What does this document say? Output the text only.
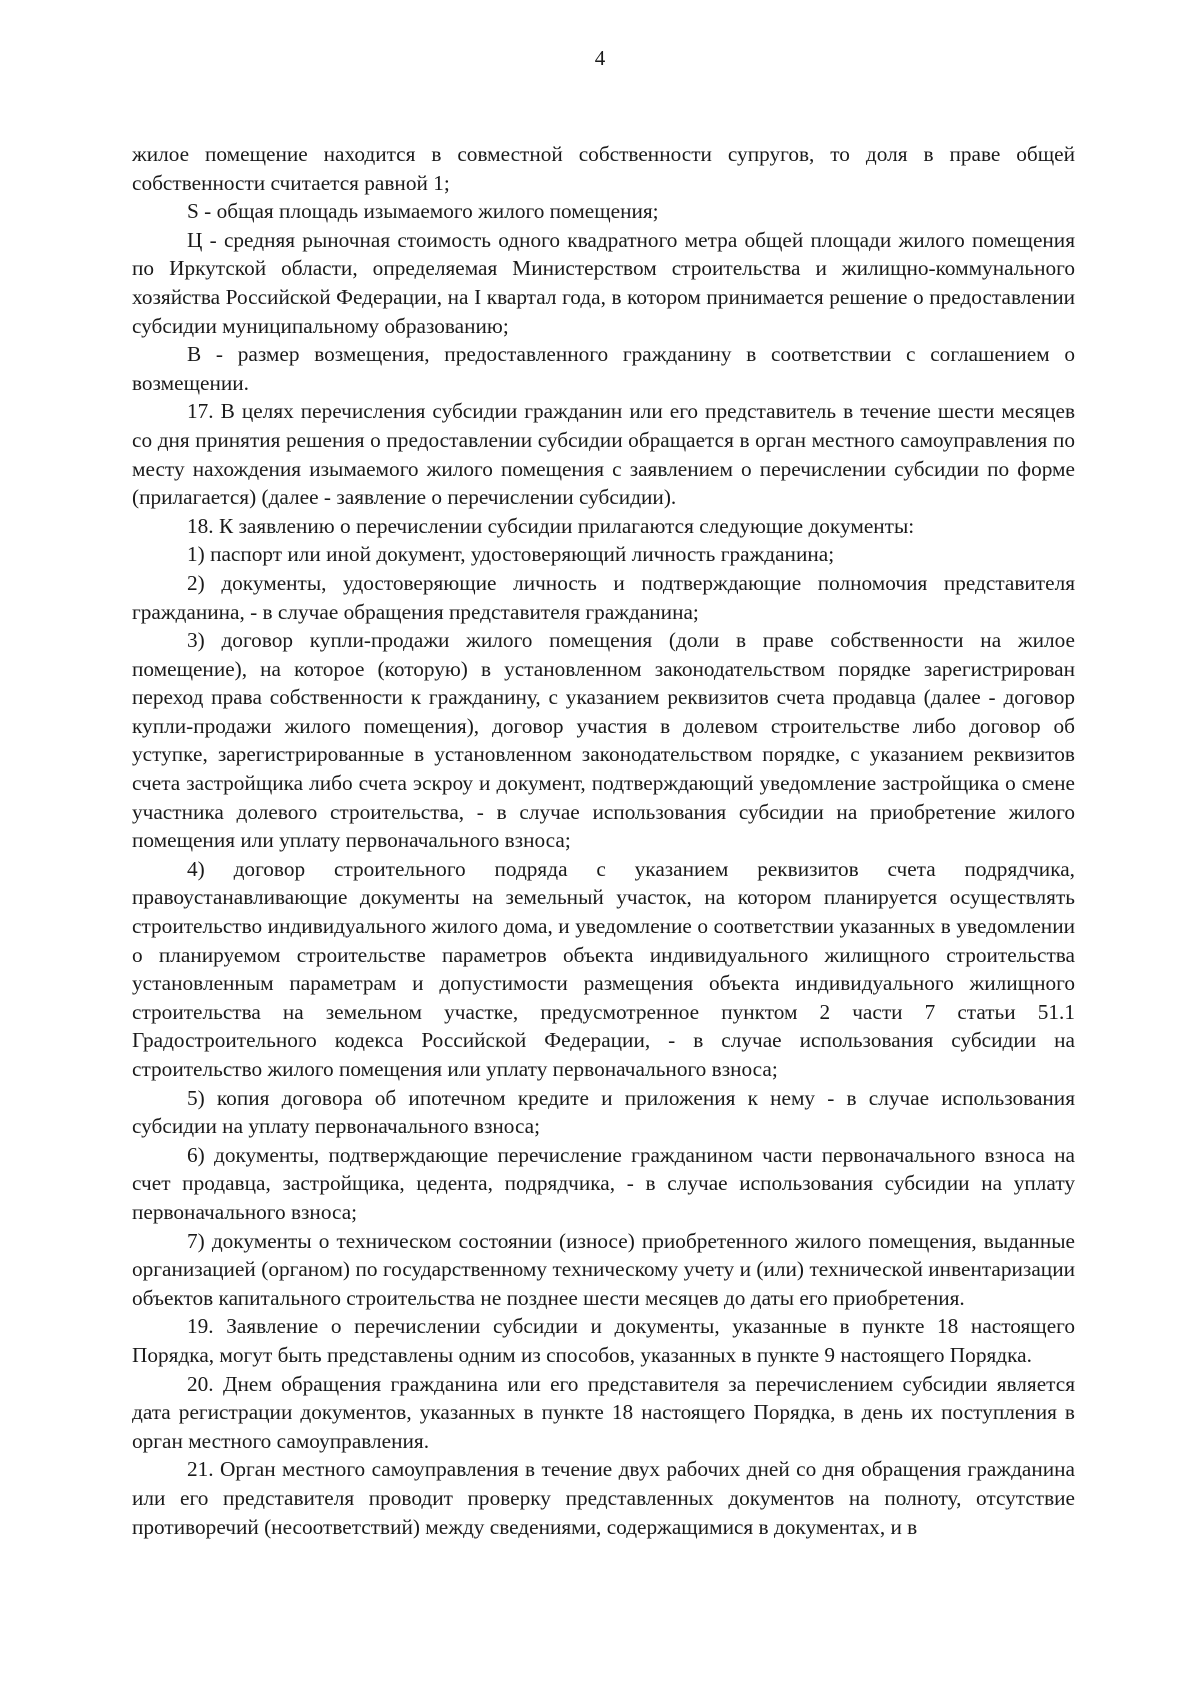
4

жилое помещение находится в совместной собственности супругов, то доля в праве общей собственности считается равной 1;

S - общая площадь изымаемого жилого помещения;

Ц - средняя рыночная стоимость одного квадратного метра общей площади жилого помещения по Иркутской области, определяемая Министерством строительства и жилищно-коммунального хозяйства Российской Федерации, на I квартал года, в котором принимается решение о предоставлении субсидии муниципальному образованию;

В - размер возмещения, предоставленного гражданину в соответствии с соглашением о возмещении.

17. В целях перечисления субсидии гражданин или его представитель в течение шести месяцев со дня принятия решения о предоставлении субсидии обращается в орган местного самоуправления по месту нахождения изымаемого жилого помещения с заявлением о перечислении субсидии по форме (прилагается) (далее - заявление о перечислении субсидии).

18. К заявлению о перечислении субсидии прилагаются следующие документы:

1) паспорт или иной документ, удостоверяющий личность гражданина;

2) документы, удостоверяющие личность и подтверждающие полномочия представителя гражданина, - в случае обращения представителя гражданина;

3) договор купли-продажи жилого помещения (доли в праве собственности на жилое помещение), на которое (которую) в установленном законодательством порядке зарегистрирован переход права собственности к гражданину, с указанием реквизитов счета продавца (далее - договор купли-продажи жилого помещения), договор участия в долевом строительстве либо договор об уступке, зарегистрированные в установленном законодательством порядке, с указанием реквизитов счета застройщика либо счета эскроу и документ, подтверждающий уведомление застройщика о смене участника долевого строительства, - в случае использования субсидии на приобретение жилого помещения или уплату первоначального взноса;

4) договор строительного подряда с указанием реквизитов счета подрядчика, правоустанавливающие документы на земельный участок, на котором планируется осуществлять строительство индивидуального жилого дома, и уведомление о соответствии указанных в уведомлении о планируемом строительстве параметров объекта индивидуального жилищного строительства установленным параметрам и допустимости размещения объекта индивидуального жилищного строительства на земельном участке, предусмотренное пунктом 2 части 7 статьи 51.1 Градостроительного кодекса Российской Федерации, - в случае использования субсидии на строительство жилого помещения или уплату первоначального взноса;

5) копия договора об ипотечном кредите и приложения к нему - в случае использования субсидии на уплату первоначального взноса;

6) документы, подтверждающие перечисление гражданином части первоначального взноса на счет продавца, застройщика, цедента, подрядчика, - в случае использования субсидии на уплату первоначального взноса;

7) документы о техническом состоянии (износе) приобретенного жилого помещения, выданные организацией (органом) по государственному техническому учету и (или) технической инвентаризации объектов капитального строительства не позднее шести месяцев до даты его приобретения.

19. Заявление о перечислении субсидии и документы, указанные в пункте 18 настоящего Порядка, могут быть представлены одним из способов, указанных в пункте 9 настоящего Порядка.

20. Днем обращения гражданина или его представителя за перечислением субсидии является дата регистрации документов, указанных в пункте 18 настоящего Порядка, в день их поступления в орган местного самоуправления.

21. Орган местного самоуправления в течение двух рабочих дней со дня обращения гражданина или его представителя проводит проверку представленных документов на полноту, отсутствие противоречий (несоответствий) между сведениями, содержащимися в документах, и в
